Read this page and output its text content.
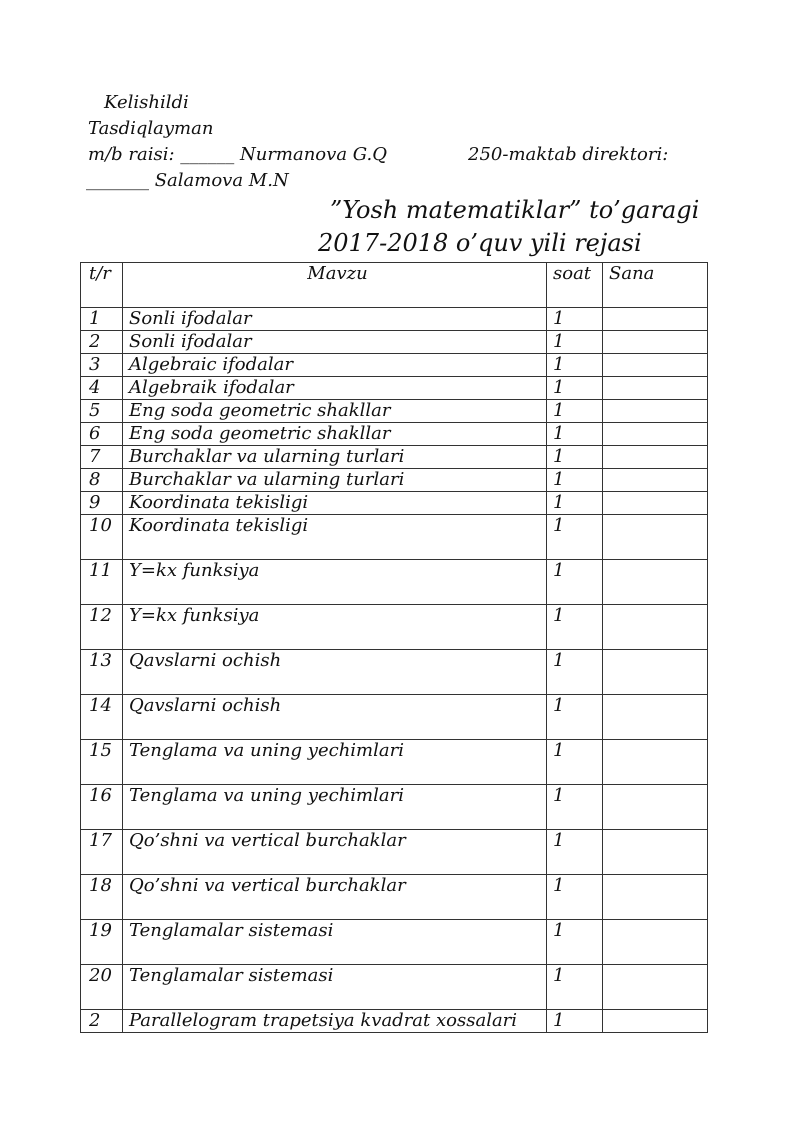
Kelishildi
Tasdiqlayman
m/b raisi: ______ Nurmanova G.Q	250-maktab direktori:
_______ Salamova M.N
”Yosh matematiklar” to’garagi
2017-2018 o’quv yili rejasi
t/r	Mavzu	soat	Sana
1	Sonli ifodalar	1	
2	Sonli ifodalar	1	
3	Algebraic ifodalar	1	
4	Algebraik ifodalar	1	
5	Eng soda geometric shakllar	1	
6	Eng soda geometric shakllar	1	
7	Burchaklar va ularning turlari	1	
8	Burchaklar va ularning turlari	1	
9	Koordinata tekisligi	1	
10	Koordinata tekisligi	1	
11	Y=kx funksiya	1	
12	Y=kx funksiya	1	
13	Qavslarni ochish	1	
14	Qavslarni ochish	1	
15	Tenglama va uning yechimlari	1	
16	Tenglama va uning yechimlari	1	
17	Qo’shni va vertical burchaklar	1	
18	Qo’shni va vertical burchaklar	1	
19	Tenglamalar sistemasi	1	
20	Tenglamalar sistemasi	1	
2	Parallelogram trapetsiya kvadrat xossalari	1	
